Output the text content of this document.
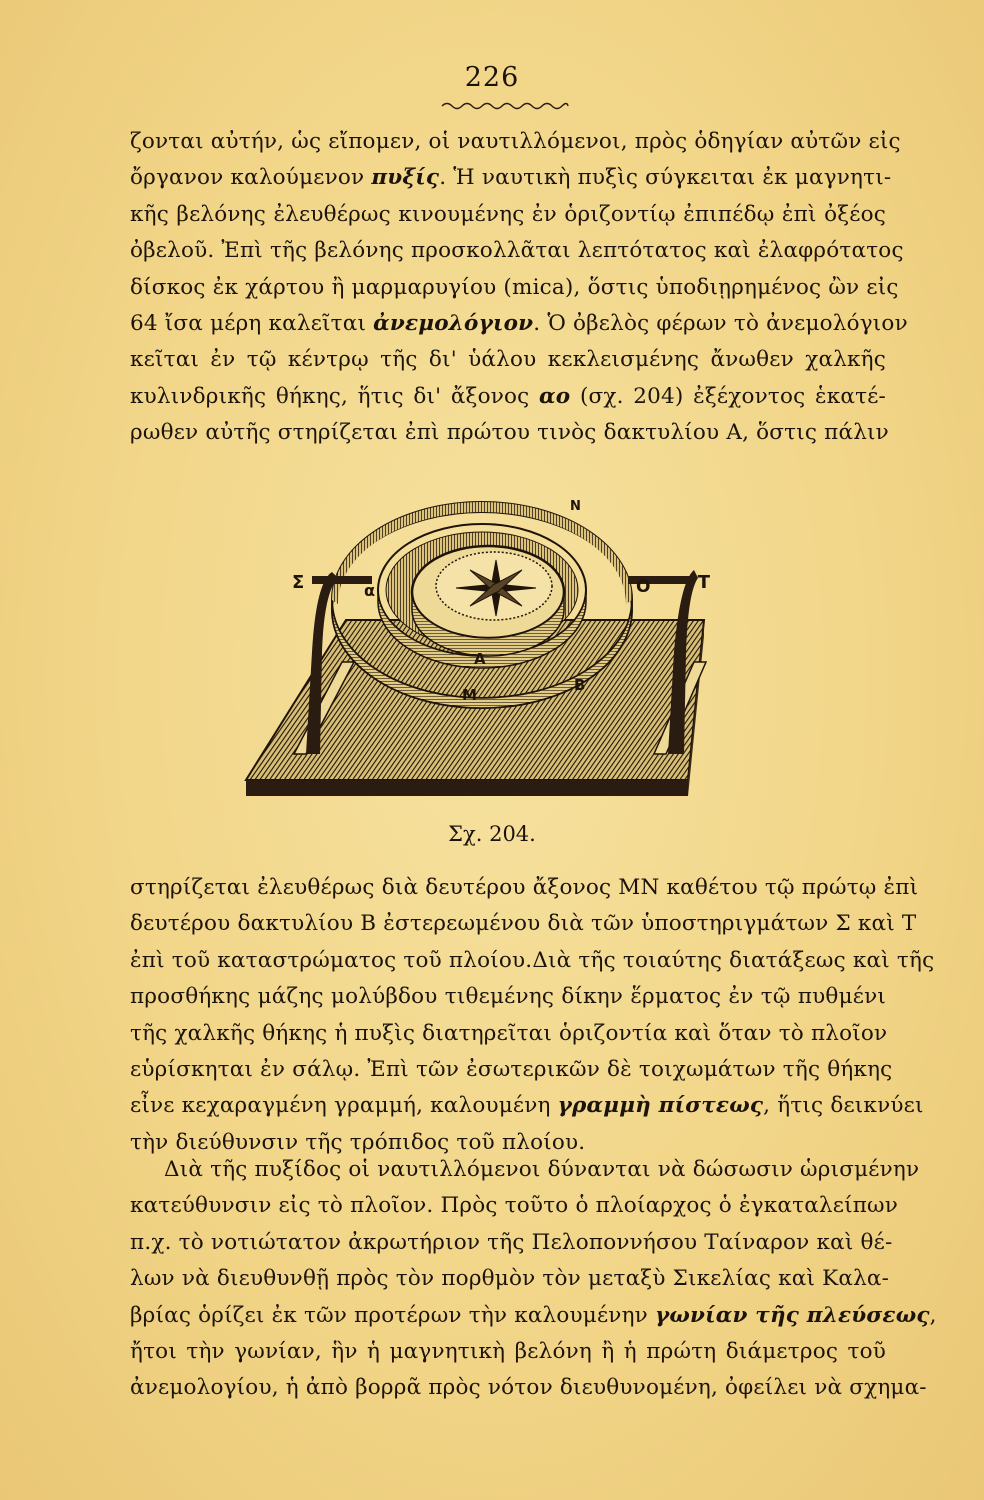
226
ζονται αὐτήν, ὡς εἴπομεν, οἱ ναυτιλλόμενοι, πρὸς ὁδηγίαν αὐτῶν εἰς
ὄργανον καλούμενον πυξίς. Ἡ ναυτικὴ πυξὶς σύγκειται ἐκ μαγνητι-
κῆς βελόνης ἐλευθέρως κινουμένης ἐν ὁριζοντίῳ ἐπιπέδῳ ἐπὶ ὀξέος
ὀβελοῦ. Ἐπὶ τῆς βελόνης προσκολλᾶται λεπτότατος καὶ ἐλαφρότατος
δίσκος ἐκ χάρτου ἢ μαρμαρυγίου (mica), ὅστις ὑποδιῃρημένος ὢν εἰς
64 ἴσα μέρη καλεῖται ἀνεμολόγιον. Ὁ ὀβελὸς φέρων τὸ ἀνεμολόγιον
κεῖται ἐν τῷ κέντρῳ τῆς δι' ὑάλου κεκλεισμένης ἄνωθεν χαλκῆς
κυλινδρικῆς θήκης, ἥτις δι' ἄξονος αο (σχ. 204) ἐξέχοντος ἑκατέ-
ρωθεν αὐτῆς στηρίζεται ἐπὶ πρώτου τινὸς δακτυλίου Α, ὅστις πάλιν
Σ	Τ
α	O
Α
M
B
N
Σχ. 204.
στηρίζεται ἐλευθέρως διὰ δευτέρου ἄξονος ΜΝ καθέτου τῷ πρώτῳ ἐπὶ
δευτέρου δακτυλίου Β ἐστερεωμένου διὰ τῶν ὑποστηριγμάτων Σ καὶ Τ
ἐπὶ τοῦ καταστρώματος τοῦ πλοίου.Διὰ τῆς τοιαύτης διατάξεως καὶ τῆς
προσθήκης μάζης μολύβδου τιθεμένης δίκην ἕρματος ἐν τῷ πυθμένι
τῆς χαλκῆς θήκης ἡ πυξὶς διατηρεῖται ὁριζοντία καὶ ὅταν τὸ πλοῖον
εὑρίσκηται ἐν σάλῳ. Ἐπὶ τῶν ἐσωτερικῶν δὲ τοιχωμάτων τῆς θήκης
εἶνε κεχαραγμένη γραμμή, καλουμένη γραμμὴ πίστεως, ἥτις δεικνύει
τὴν διεύθυνσιν τῆς τρόπιδος τοῦ πλοίου.
Διὰ τῆς πυξίδος οἱ ναυτιλλόμενοι δύνανται νὰ δώσωσιν ὡρισμένην
κατεύθυνσιν εἰς τὸ πλοῖον. Πρὸς τοῦτο ὁ πλοίαρχος ὁ ἐγκαταλείπων
π.χ. τὸ νοτιώτατον ἀκρωτήριον τῆς Πελοποννήσου Ταίναρον καὶ θέ-
λων νὰ διευθυνθῇ πρὸς τὸν πορθμὸν τὸν μεταξὺ Σικελίας καὶ Καλα-
βρίας ὁρίζει ἐκ τῶν προτέρων τὴν καλουμένην γωνίαν τῆς πλεύσεως,
ἤτοι τὴν γωνίαν, ἣν ἡ μαγνητικὴ βελόνη ἢ ἡ πρώτη διάμετρος τοῦ
ἀνεμολογίου, ἡ ἀπὸ βορρᾶ πρὸς νότον διευθυνομένη, ὀφείλει νὰ σχημα-
